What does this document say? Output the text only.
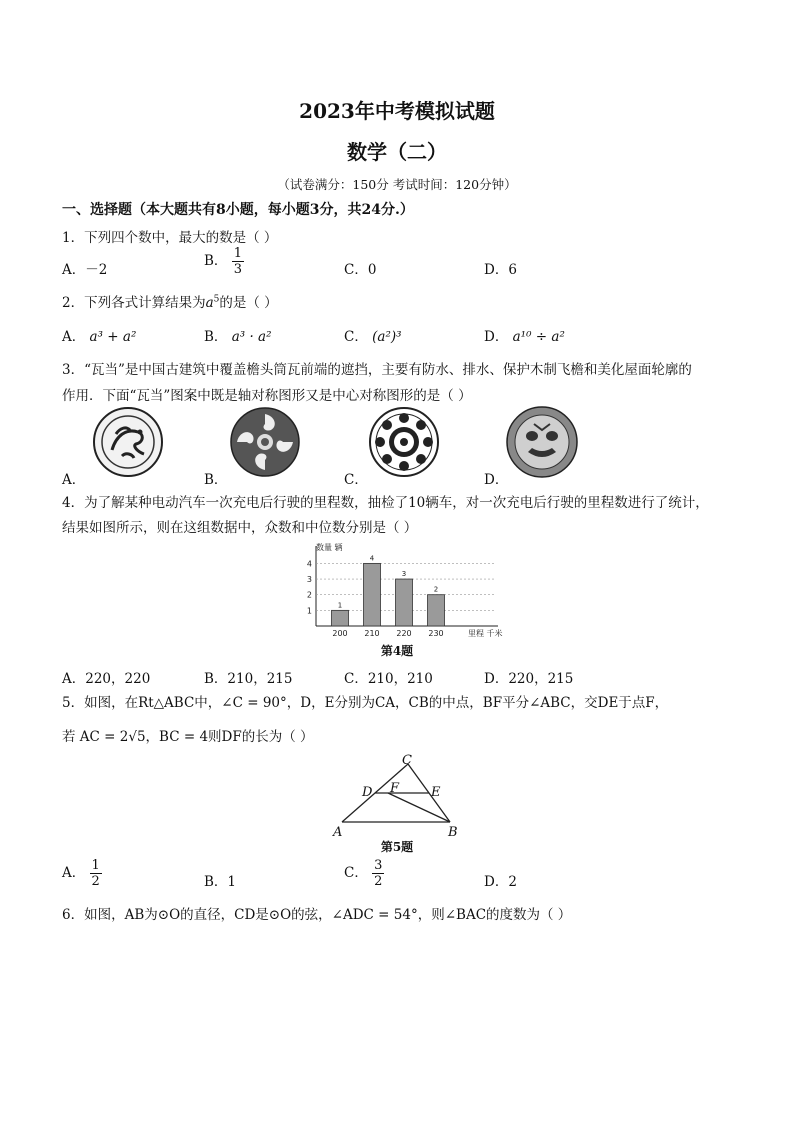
2023年中考模拟试题
数学（二）
（试卷满分：150分 考试时间：120分钟）
一、选择题（本大题共有8小题，每小题3分，共24分.）
1．下列四个数中，最大的数是（ ）
A．－2
B． $\frac{1}{3}$	C．0	D．6
2．下列各式计算结果为$a^5$的是（ ）
A． a³ + a²	B． a³ · a²	C． (a²)³	D． a¹⁰ ÷ a²
3．“瓦当”是中国古建筑中覆盖檐头筒瓦前端的遮挡，主要有防水、排水、保护木制飞檐和美化屋面轮廓的
作用．下面“瓦当”图案中既是轴对称图形又是中心对称图形的是（ ）
A．	B．	C．	D．
4．为了解某种电动汽车一次充电后行驶的里程数，抽检了10辆车，对一次充电后行驶的里程数进行了统计，
结果如图所示，则在这组数据中，众数和中位数分别是（ ）
1
2
3
4
数量 辆
1
200
4
210
3
220
2
230	里程 千米
第4题
A．220，220	B．210，215	C．210，210	D．220，215
5．如图，在Rt△ABC中，∠C = 90°，D，E分别为CA，CB的中点，BF平分∠ABC，交DE于点F，
若 AC = 2√5，BC = 4则DF的长为（ ）
C
D F E
A	B
第5题
A． $\frac{1}{2}$	B．1
C． $\frac{3}{2}$	D．2
6．如图，AB为⊙O的直径，CD是⊙O的弦，∠ADC = 54°，则∠BAC的度数为（ ）
